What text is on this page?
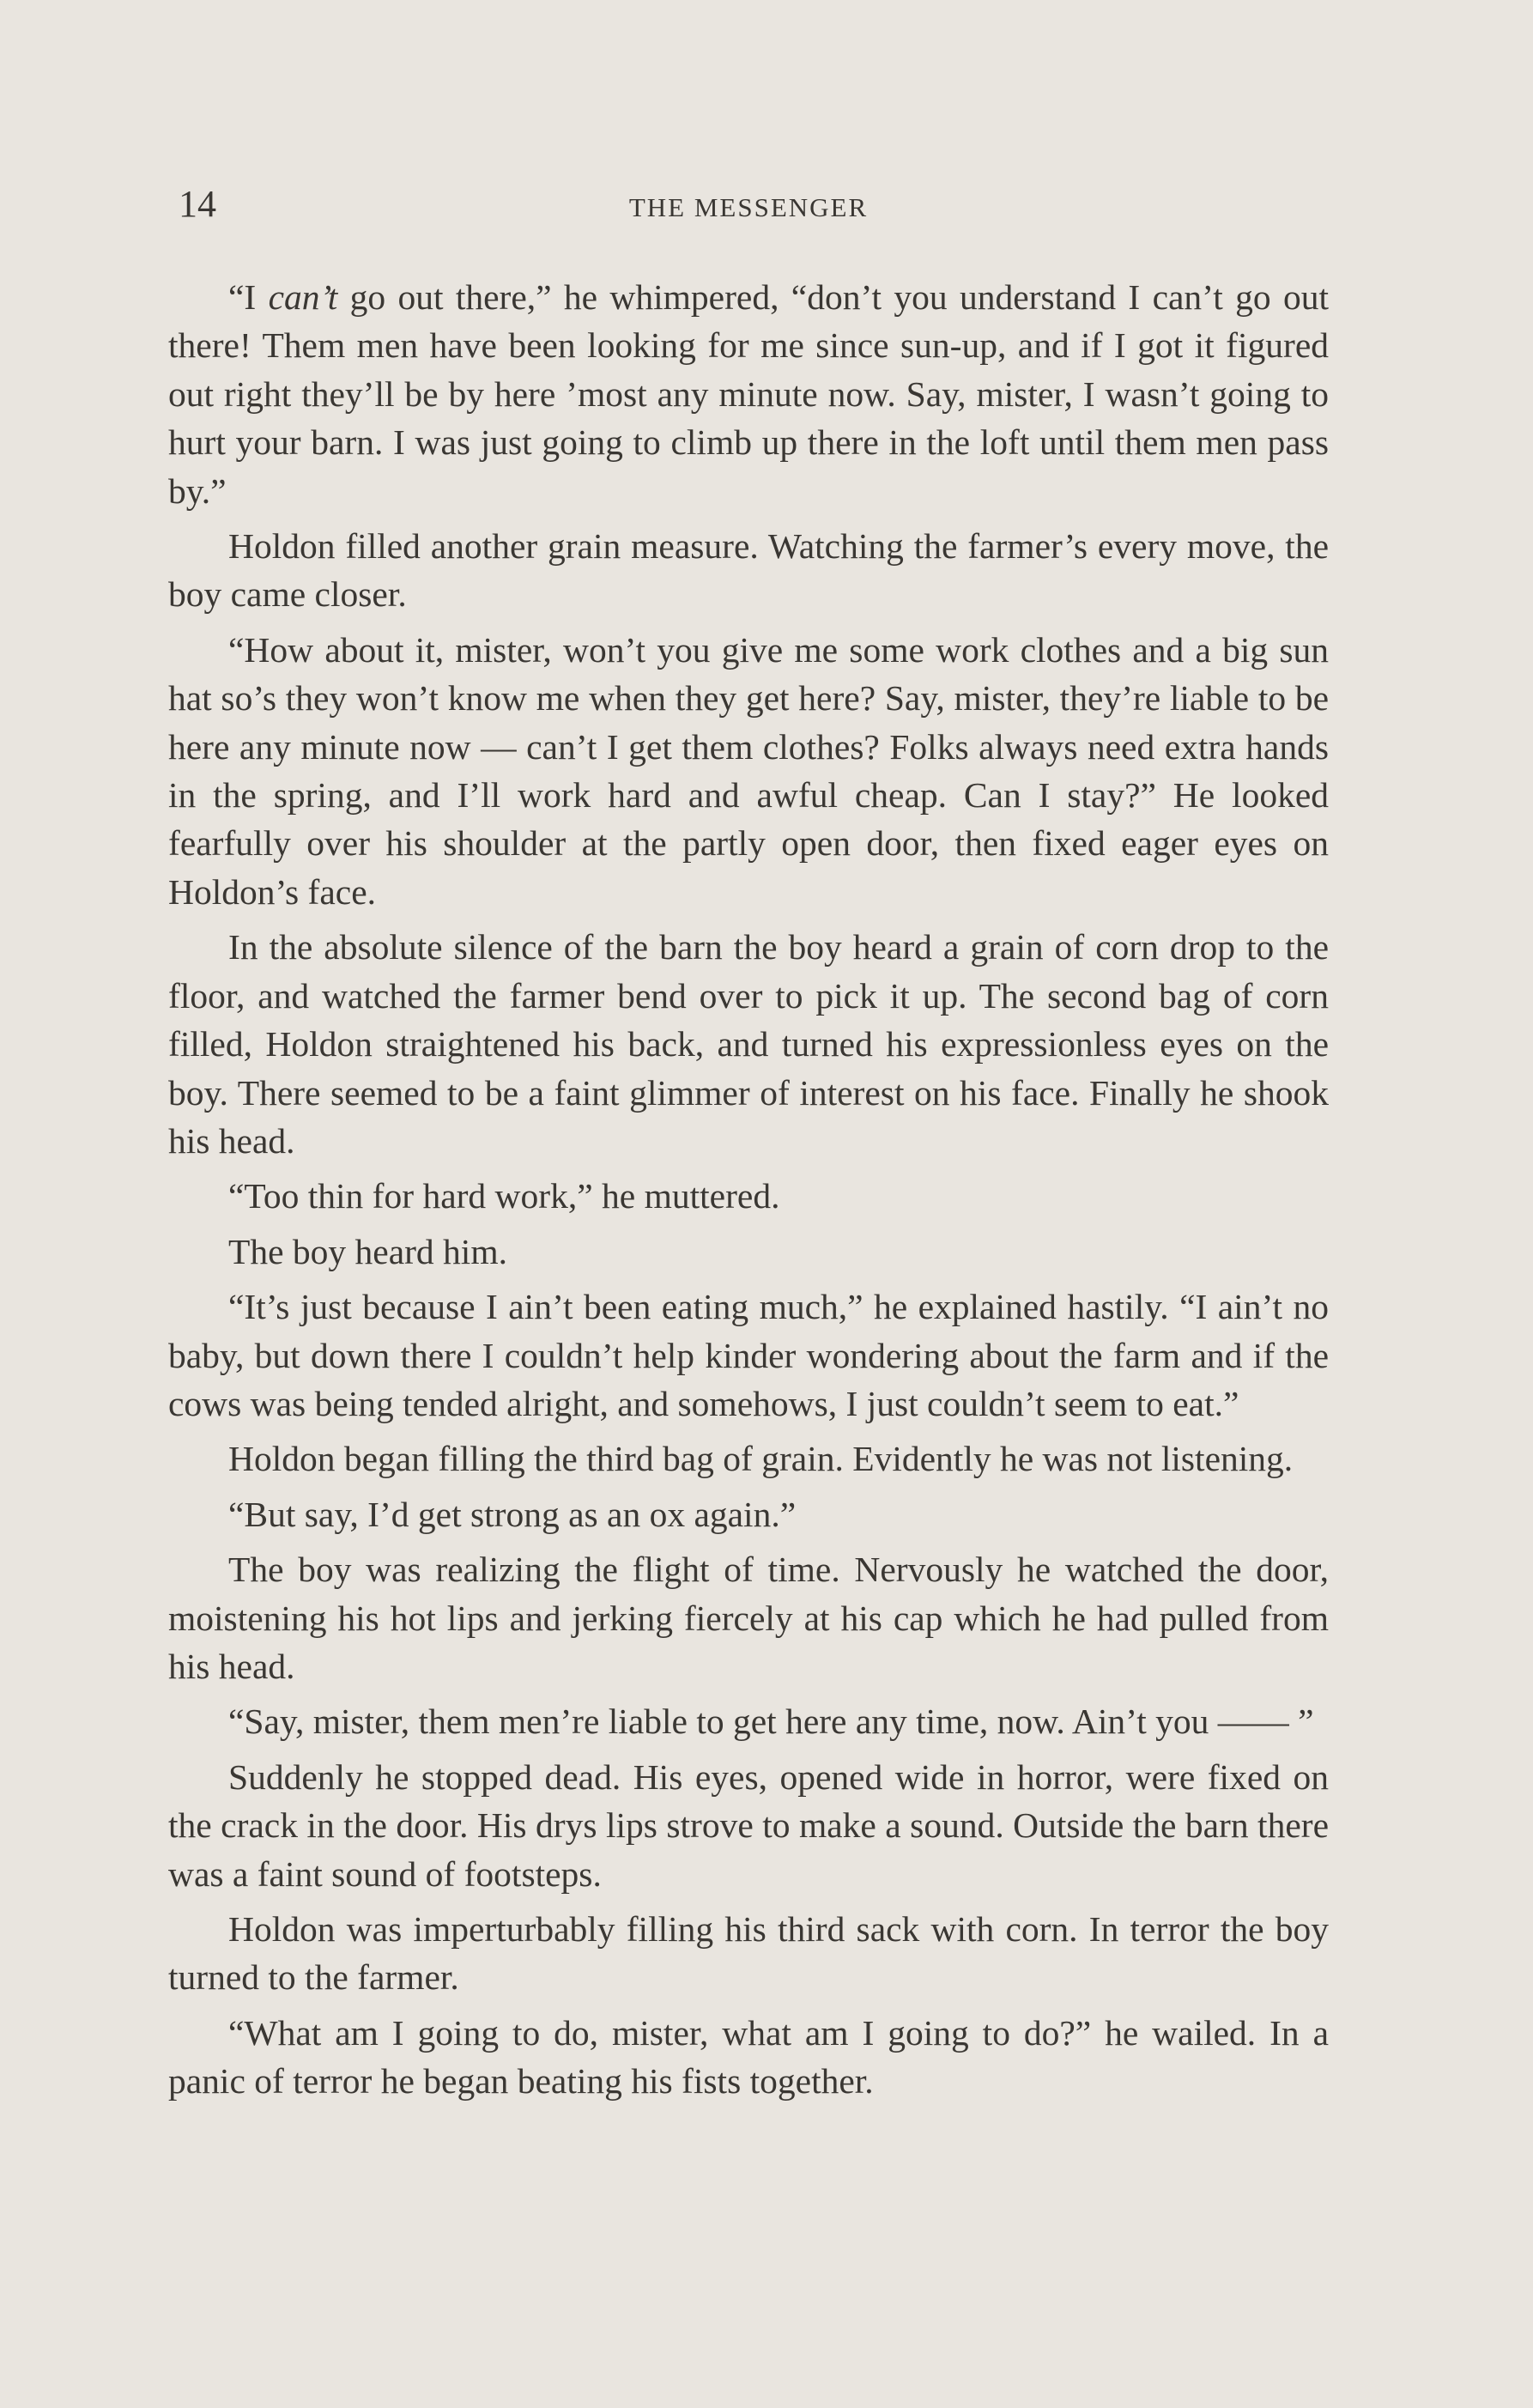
14	THE MESSENGER

“I can’t go out there,” he whimpered, “don’t you understand I can’t go out there! Them men have been looking for me since sun-up, and if I got it figured out right they’ll be by here ’most any minute now. Say, mister, I wasn’t going to hurt your barn. I was just going to climb up there in the loft until them men pass by.”

Holdon filled another grain measure. Watching the farmer’s every move, the boy came closer.

“How about it, mister, won’t you give me some work clothes and a big sun hat so’s they won’t know me when they get here? Say, mister, they’re liable to be here any minute now — can’t I get them clothes? Folks always need extra hands in the spring, and I’ll work hard and awful cheap. Can I stay?” He looked fearfully over his shoulder at the partly open door, then fixed eager eyes on Holdon’s face.

In the absolute silence of the barn the boy heard a grain of corn drop to the floor, and watched the farmer bend over to pick it up. The second bag of corn filled, Holdon straightened his back, and turned his expressionless eyes on the boy. There seemed to be a faint glimmer of interest on his face. Finally he shook his head.

“Too thin for hard work,” he muttered.

The boy heard him.

“It’s just because I ain’t been eating much,” he explained hastily. “I ain’t no baby, but down there I couldn’t help kinder wondering about the farm and if the cows was being tended alright, and somehows, I just couldn’t seem to eat.”

Holdon began filling the third bag of grain. Evidently he was not listening.

“But say, I’d get strong as an ox again.”

The boy was realizing the flight of time. Nervously he watched the door, moistening his hot lips and jerking fiercely at his cap which he had pulled from his head.

“Say, mister, them men’re liable to get here any time, now. Ain’t you —— ”

Suddenly he stopped dead. His eyes, opened wide in horror, were fixed on the crack in the door. His drys lips strove to make a sound. Outside the barn there was a faint sound of footsteps.

Holdon was imperturbably filling his third sack with corn. In terror the boy turned to the farmer.

“What am I going to do, mister, what am I going to do?” he wailed. In a panic of terror he began beating his fists together.
